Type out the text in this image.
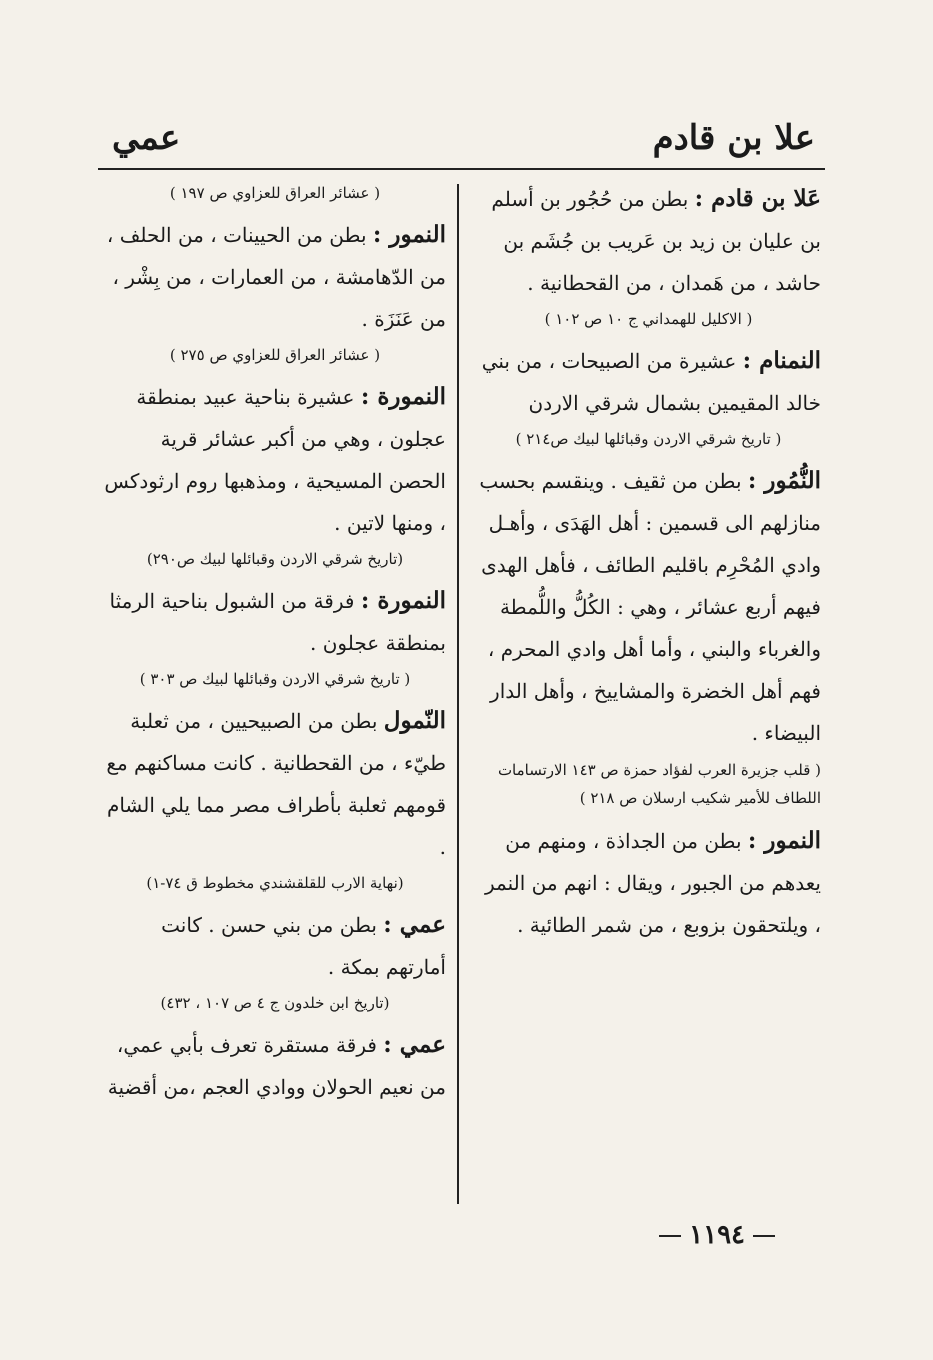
علا بن قادم
عمي

عَلا بن قادم : بطن من حُجُور بن أسلم بن عليان بن زيد بن عَريب بن جُشَم بن حاشد ، من هَمدان ، من القحطانية .

( الاكليل للهمداني ج ١٠ ص ١٠٢ )

النمنام : عشيرة من الصبيحات ، من بني خالد المقيمين بشمال شرقي الاردن

( تاريخ شرقي الاردن وقبائلها لبيك ص٢١٤ )

النُّمُور : بطن من ثقيف . وينقسم بحسب منازلهم الى قسمين : أهل الهَدَى ، وأهـل وادي المُحْرِم باقليم الطائف ، فأهل الهدى فيهم أربع عشائر ، وهي : الكُلُّ واللُّمطة والغرباء والبني ، وأما أهل وادي المحرم ، فهم أهل الخضرة والمشاييخ ، وأهل الدار البيضاء .

( قلب جزيرة العرب لفؤاد حمزة ص ١٤٣ الارتسامات اللطاف للأمير شكيب ارسلان ص ٢١٨ )

النمور : بطن من الجداذة ، ومنهم من يعدهم من الجبور ، ويقال : انهم من النمر ، ويلتحقون بزوبع ، من شمر الطائية .

( عشائر العراق للعزاوي ص ١٩٧ )

النمور : بطن من الحيينات ، من الحلف ، من الدّهامشة ، من العمارات ، من بِشْر ، من عَنَزَة .

( عشائر العراق للعزاوي ص ٢٧٥ )

النمورة : عشيرة بناحية عبيد بمنطقة عجلون ، وهي من أكبر عشائر قرية الحصن المسيحية ، ومذهبها روم ارثودكس ، ومنها لاتين .

(تاريخ شرقي الاردن وقبائلها لبيك ص٢٩٠)

النمورة : فرقة من الشبول بناحية الرمثا بمنطقة عجلون .

( تاريخ شرقي الاردن وقبائلها لبيك ص ٣٠٣ )

النّمول بطن من الصبيحيين ، من ثعلبة طيّء ، من القحطانية . كانت مساكنهم مع قومهم ثعلبة بأطراف مصر مما يلي الشام .

(نهاية الارب للقلقشندي مخطوط ق ٧٤-١)

عمي : بطن من بني حسن . كانت أمارتهم بمكة .

(تاريخ ابن خلدون ج ٤ ص ١٠٧ ، ٤٣٢)

عمي : فرقة مستقرة تعرف بأبي عمي، من نعيم الحولان ووادي العجم ،من أقضية

١١٩٤
